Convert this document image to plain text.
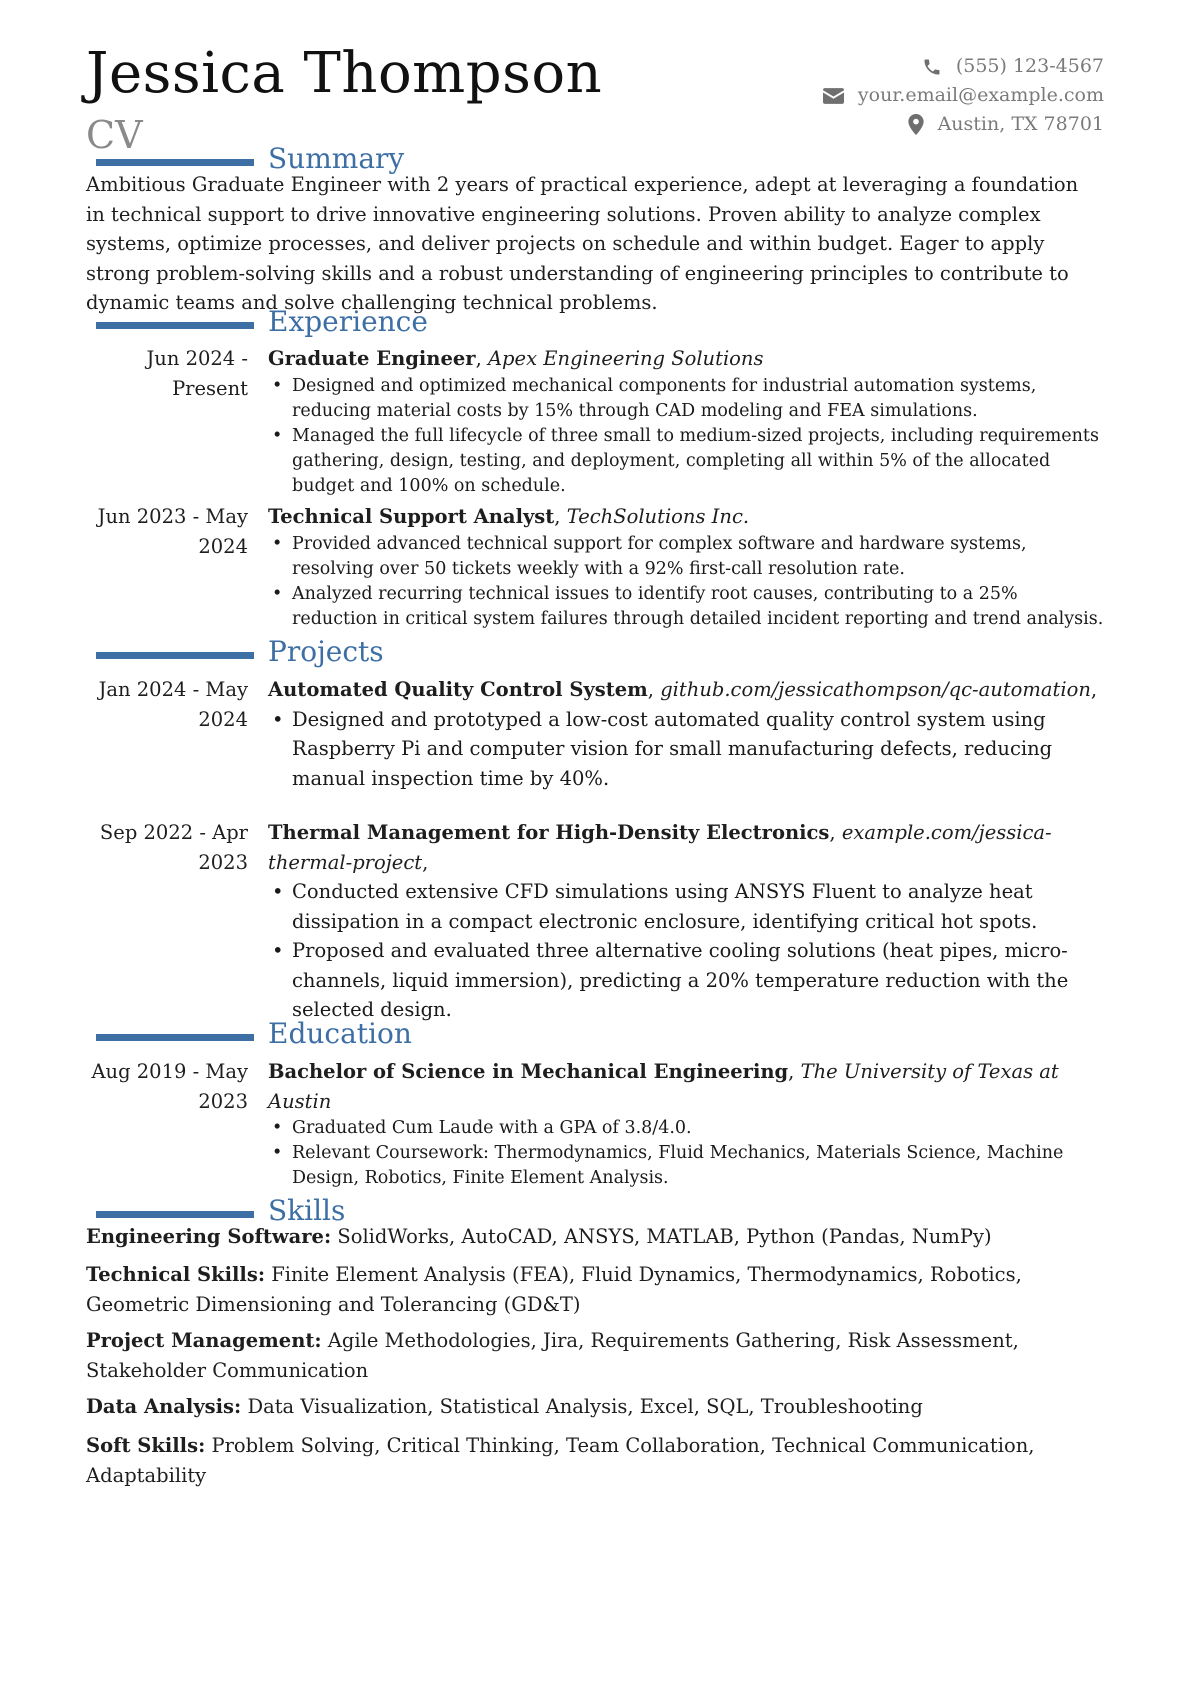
Jessica Thompson
CV
(555) 123-4567
your.email@example.com
Austin, TX 78701
Summary
Ambitious Graduate Engineer with 2 years of practical experience, adept at leveraging a foundation in technical support to drive innovative engineering solutions. Proven ability to analyze complex systems, optimize processes, and deliver projects on schedule and within budget. Eager to apply strong problem-solving skills and a robust understanding of engineering principles to contribute to dynamic teams and solve challenging technical problems.
Experience
Jun 2024 - Present
Graduate Engineer, Apex Engineering Solutions
• Designed and optimized mechanical components for industrial automation systems, reducing material costs by 15% through CAD modeling and FEA simulations.
• Managed the full lifecycle of three small to medium-sized projects, including requirements gathering, design, testing, and deployment, completing all within 5% of the allocated budget and 100% on schedule.
Jun 2023 - May 2024
Technical Support Analyst, TechSolutions Inc.
• Provided advanced technical support for complex software and hardware systems, resolving over 50 tickets weekly with a 92% first-call resolution rate.
• Analyzed recurring technical issues to identify root causes, contributing to a 25% reduction in critical system failures through detailed incident reporting and trend analysis.
Projects
Jan 2024 - May 2024
Automated Quality Control System, github.com/jessicathompson/qc-automation,
• Designed and prototyped a low-cost automated quality control system using Raspberry Pi and computer vision for small manufacturing defects, reducing manual inspection time by 40%.
Sep 2022 - Apr 2023
Thermal Management for High-Density Electronics, example.com/jessica-thermal-project,
• Conducted extensive CFD simulations using ANSYS Fluent to analyze heat dissipation in a compact electronic enclosure, identifying critical hot spots.
• Proposed and evaluated three alternative cooling solutions (heat pipes, micro-channels, liquid immersion), predicting a 20% temperature reduction with the selected design.
Education
Aug 2019 - May 2023
Bachelor of Science in Mechanical Engineering, The University of Texas at Austin
• Graduated Cum Laude with a GPA of 3.8/4.0.
• Relevant Coursework: Thermodynamics, Fluid Mechanics, Materials Science, Machine Design, Robotics, Finite Element Analysis.
Skills
Engineering Software: SolidWorks, AutoCAD, ANSYS, MATLAB, Python (Pandas, NumPy)
Technical Skills: Finite Element Analysis (FEA), Fluid Dynamics, Thermodynamics, Robotics, Geometric Dimensioning and Tolerancing (GD&T)
Project Management: Agile Methodologies, Jira, Requirements Gathering, Risk Assessment, Stakeholder Communication
Data Analysis: Data Visualization, Statistical Analysis, Excel, SQL, Troubleshooting
Soft Skills: Problem Solving, Critical Thinking, Team Collaboration, Technical Communication, Adaptability
